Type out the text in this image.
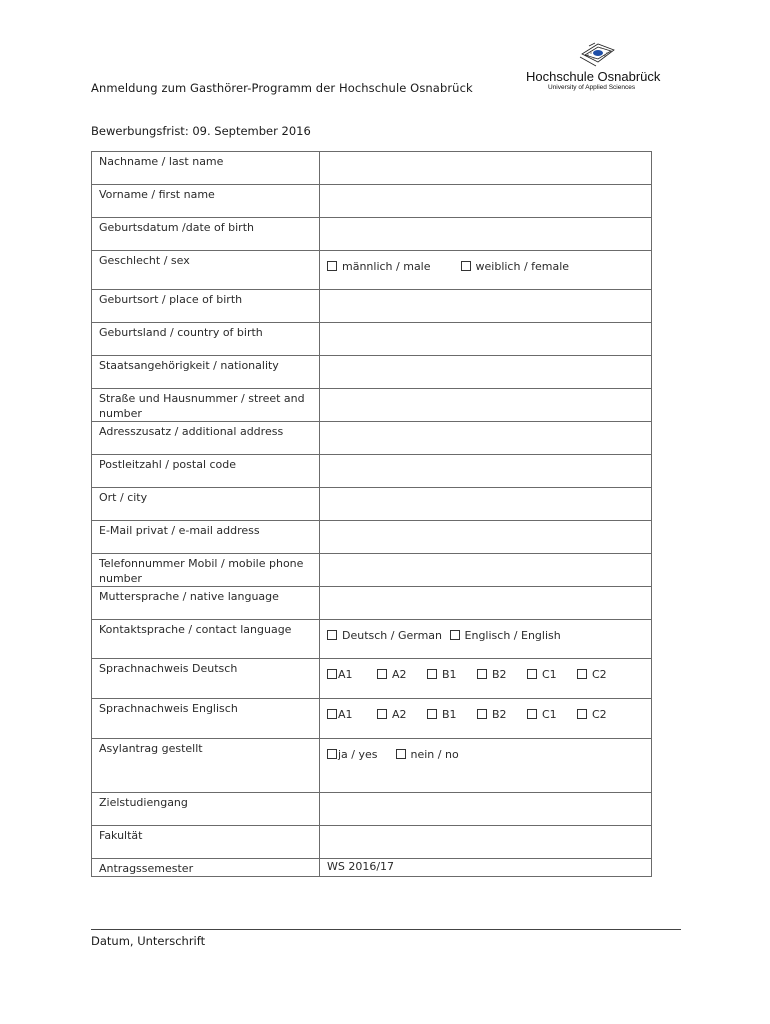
Anmeldung zum Gasthörer-Programm der Hochschule Osnabrück
Hochschule Osnabrück
University of Applied Sciences
Bewerbungsfrist: 09. September 2016
Nachname / last name	
Vorname / first name	
Geburtsdatum /date of birth	
Geschlecht / sex	männlich / male weiblich / female

Geburtsort / place of birth	
Geburtsland / country of birth	
Staatsangehörigkeit / nationality	
Straße und Hausnummer / street and number	
Adresszusatz / additional address	
Postleitzahl / postal code	
Ort / city	
E-Mail privat / e-mail address	
Telefonnummer Mobil / mobile phone number	
Muttersprache / native language	
Kontaktsprache / contact language	Deutsch / German Englisch / English

Sprachnachweis Deutsch	A1 A2 B1 B2 C1 C2

Sprachnachweis Englisch	A1 A2 B1 B2 C1 C2

Asylantrag gestellt	ja / yes nein / no

Zielstudiengang	
Fakultät	
Antragssemester	WS 2016/17
Datum, Unterschrift
